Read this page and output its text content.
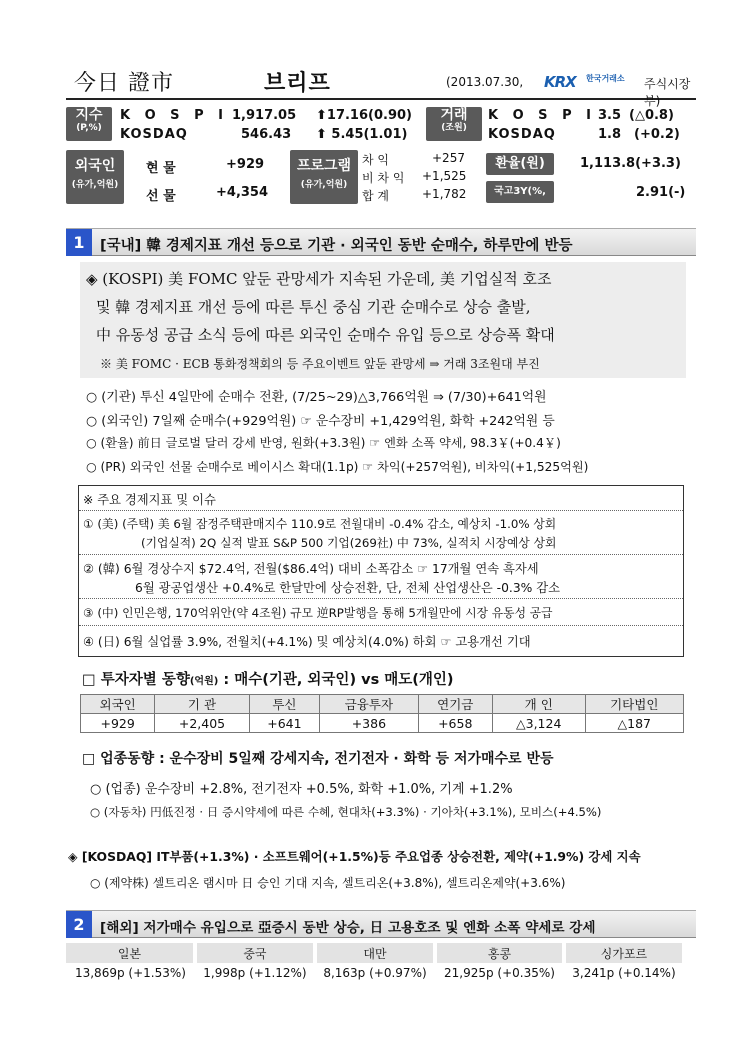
今日 證市	브리프	(2013.07.30, KRX 한국거래소 주식시장부)
지수
(P,%)
K O S P I 1,917.05 ⬆17.16(0.90)
KOSDAQ	546.43 ⬆ 5.45(1.01)
거래
(조원)
K O S P I 3.5 (△0.8)
KOSDAQ	1.8 (+0.2)
외국인
(유가,억원)
현 물	+929
선 물	+4,354
프로그램
(유가,억원)
차 익	+257
비 차 익 +1,525
합 계	+1,782
환율(원)	1,113.8(+3.3)
국고3Y(%, %p)
2.91(-)
1	[국내] 韓 경제지표 개선 등으로 기관 · 외국인 동반 순매수, 하루만에 반등
◈ (KOSPI) 美 FOMC 앞둔 관망세가 지속된 가운데, 美 기업실적 호조
및 韓 경제지표 개선 등에 따른 투신 중심 기관 순매수로 상승 출발,
中 유동성 공급 소식 등에 따른 외국인 순매수 유입 등으로 상승폭 확대
※ 美 FOMC · ECB 통화정책회의 등 주요이벤트 앞둔 관망세 ⇒ 거래 3조원대 부진
○ (기관) 투신 4일만에 순매수 전환, (7/25~29)△3,766억원 ⇒ (7/30)+641억원
○ (외국인) 7일째 순매수(+929억원) ☞ 운수장비 +1,429억원, 화학 +242억원 등
○ (환율) 前日 글로벌 달러 강세 반영, 원화(+3.3원) ☞ 엔화 소폭 약세, 98.3￥(+0.4￥)
○ (PR) 외국인 선물 순매수로 베이시스 확대(1.1p) ☞ 차익(+257억원), 비차익(+1,525억원)
※ 주요 경제지표 및 이슈
① (美) (주택) 美 6월 잠정주택판매지수 110.9로 전월대비 -0.4% 감소, 예상치 -1.0% 상회
(기업실적) 2Q 실적 발표 S&P 500 기업(269社) 中 73%, 실적치 시장예상 상회
② (韓) 6월 경상수지 $72.4억, 전월($86.4억) 대비 소폭감소 ☞ 17개월 연속 흑자세
6월 광공업생산 +0.4%로 한달만에 상승전환, 단, 전체 산업생산은 -0.3% 감소
③ (中) 인민은행, 170억위안(약 4조원) 규모 逆RP발행을 통해 5개월만에 시장 유동성 공급
④ (日) 6월 실업률 3.9%, 전월치(+4.1%) 및 예상치(4.0%) 하회 ☞ 고용개선 기대
□ 투자자별 동향(억원) : 매수(기관, 외국인) vs 매도(개인)
외국인	기 관	투신	금융투자	연기금	개 인	기타법인
+929	+2,405	+641	+386	+658	△3,124	△187
□ 업종동향 : 운수장비 5일째 강세지속, 전기전자 · 화학 등 저가매수로 반등
○ (업종) 운수장비 +2.8%, 전기전자 +0.5%, 화학 +1.0%, 기계 +1.2%
○ (자동차) 円低진정 · 日 증시약세에 따른 수혜, 현대차(+3.3%) · 기아차(+3.1%), 모비스(+4.5%)
◈ [KOSDAQ] IT부품(+1.3%) · 소프트웨어(+1.5%)등 주요업종 상승전환, 제약(+1.9%) 강세 지속
○ (제약株) 셀트리온 램시마 日 승인 기대 지속, 셀트리온(+3.8%), 셀트리온제약(+3.6%)
2	[해외] 저가매수 유입으로 亞증시 동반 상승, 日 고용호조 및 엔화 소폭 약세로 강세
일본	중국	대만	홍콩	싱가포르
13,869p (+1.53%)	1,998p (+1.12%)	8,163p (+0.97%)	21,925p (+0.35%)	3,241p (+0.14%)
